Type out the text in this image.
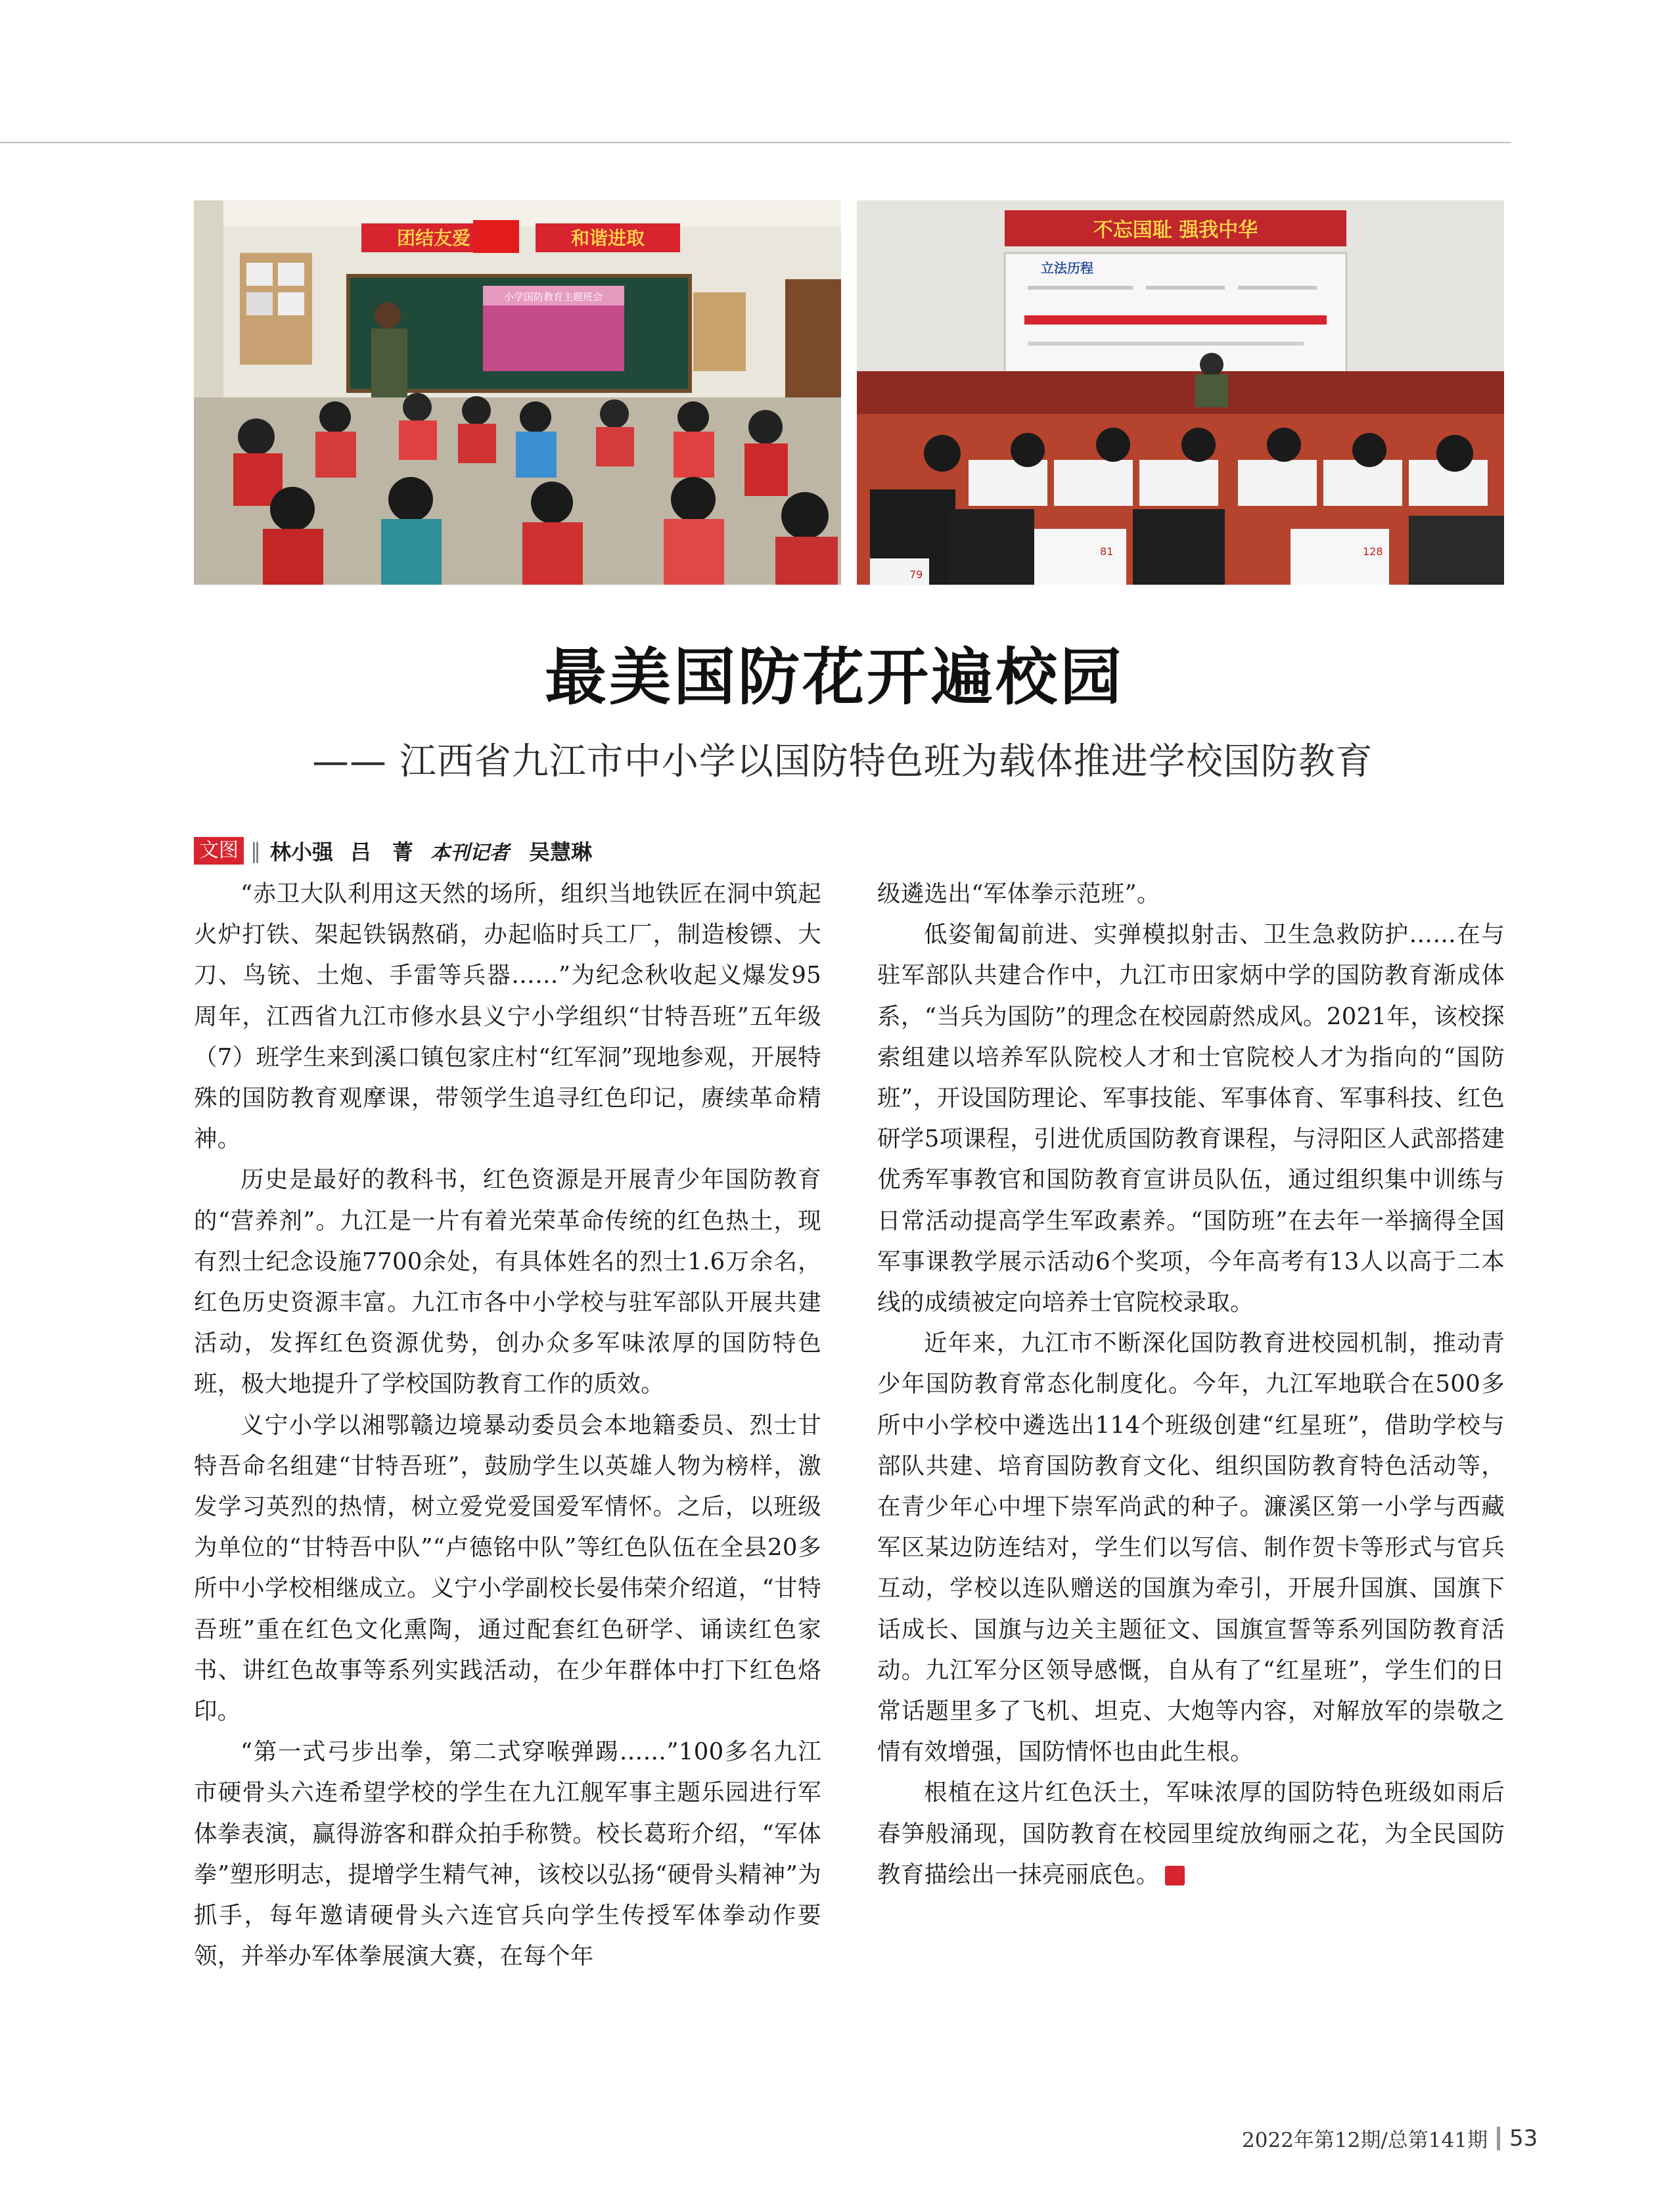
团结友爱	和谐进取
小学国防教育主题班会
不忘国耻 强我中华
立法历程
81	128
79
最美国防花开遍校园
—— 江西省九江市中小学以国防特色班为载体推进学校国防教育
文图 ‖ 林小强 吕　菁 本刊记者 吴慧琳

“赤卫大队利用这天然的场所，组织当地铁匠在洞中筑起火炉打铁、架起铁锅熬硝，办起临时兵工厂，制造梭镖、大刀、鸟铳、土炮、手雷等兵器……”为纪念秋收起义爆发95周年，江西省九江市修水县义宁小学组织“甘特吾班”五年级（7）班学生来到溪口镇包家庄村“红军洞”现地参观，开展特殊的国防教育观摩课，带领学生追寻红色印记，赓续革命精神。

历史是最好的教科书，红色资源是开展青少年国防教育的“营养剂”。九江是一片有着光荣革命传统的红色热土，现有烈士纪念设施7700余处，有具体姓名的烈士1.6万余名，红色历史资源丰富。九江市各中小学校与驻军部队开展共建活动，发挥红色资源优势，创办众多军味浓厚的国防特色班，极大地提升了学校国防教育工作的质效。

义宁小学以湘鄂赣边境暴动委员会本地籍委员、烈士甘特吾命名组建“甘特吾班”，鼓励学生以英雄人物为榜样，激发学习英烈的热情，树立爱党爱国爱军情怀。之后，以班级为单位的“甘特吾中队”“卢德铭中队”等红色队伍在全县20多所中小学校相继成立。义宁小学副校长晏伟荣介绍道，“甘特吾班”重在红色文化熏陶，通过配套红色研学、诵读红色家书、讲红色故事等系列实践活动，在少年群体中打下红色烙印。

“第一式弓步出拳，第二式穿喉弹踢……”100多名九江市硬骨头六连希望学校的学生在九江舰军事主题乐园进行军体拳表演，赢得游客和群众拍手称赞。校长葛珩介绍，“军体拳”塑形明志，提增学生精气神，该校以弘扬“硬骨头精神”为抓手，每年邀请硬骨头六连官兵向学生传授军体拳动作要领，并举办军体拳展演大赛，在每个年

级遴选出“军体拳示范班”。

低姿匍匐前进、实弹模拟射击、卫生急救防护……在与驻军部队共建合作中，九江市田家炳中学的国防教育渐成体系，“当兵为国防”的理念在校园蔚然成风。2021年，该校探索组建以培养军队院校人才和士官院校人才为指向的“国防班”，开设国防理论、军事技能、军事体育、军事科技、红色研学5项课程，引进优质国防教育课程，与浔阳区人武部搭建优秀军事教官和国防教育宣讲员队伍，通过组织集中训练与日常活动提高学生军政素养。“国防班”在去年一举摘得全国军事课教学展示活动6个奖项，今年高考有13人以高于二本线的成绩被定向培养士官院校录取。

近年来，九江市不断深化国防教育进校园机制，推动青少年国防教育常态化制度化。今年，九江军地联合在500多所中小学校中遴选出114个班级创建“红星班”，借助学校与部队共建、培育国防教育文化、组织国防教育特色活动等，在青少年心中埋下崇军尚武的种子。濂溪区第一小学与西藏军区某边防连结对，学生们以写信、制作贺卡等形式与官兵互动，学校以连队赠送的国旗为牵引，开展升国旗、国旗下话成长、国旗与边关主题征文、国旗宣誓等系列国防教育活动。九江军分区领导感慨，自从有了“红星班”，学生们的日常话题里多了飞机、坦克、大炮等内容，对解放军的崇敬之情有效增强，国防情怀也由此生根。

根植在这片红色沃土，军味浓厚的国防特色班级如雨后春笋般涌现，国防教育在校园里绽放绚丽之花，为全民国防教育描绘出一抹亮丽底色。	G

2022年第12期/总第141期 53
